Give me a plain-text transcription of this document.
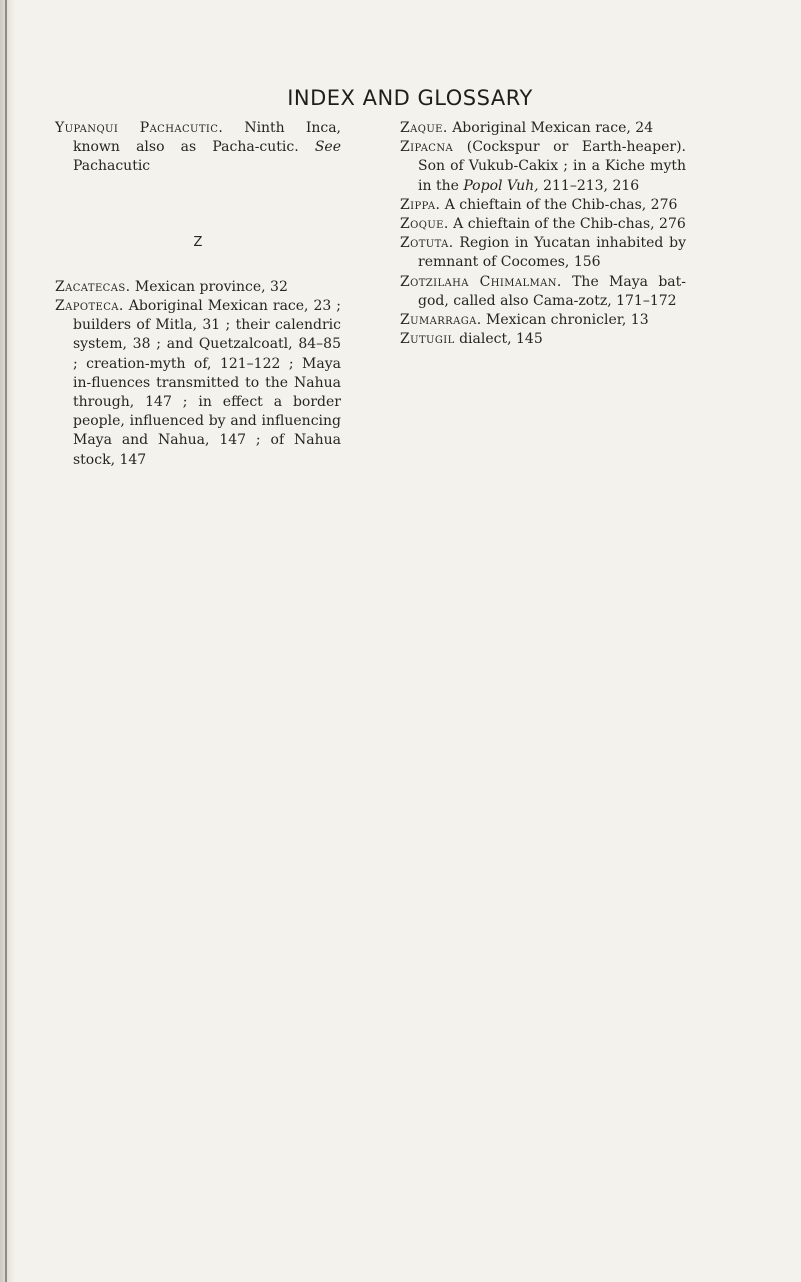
INDEX AND GLOSSARY

Yupanqui Pachacutic. Ninth Inca, known also as Pacha-cutic. See Pachacutic

Z

Zacatecas. Mexican province, 32

Zapoteca. Aboriginal Mexican race, 23 ; builders of Mitla, 31 ; their calendric system, 38 ; and Quetzalcoatl, 84–85 ; creation-myth of, 121–122 ; Maya in-fluences transmitted to the Nahua through, 147 ; in effect a border people, influenced by and influencing Maya and Nahua, 147 ; of Nahua stock, 147

Zaque. Aboriginal Mexican race, 24

Zipacna (Cockspur or Earth-heaper). Son of Vukub-Cakix ; in a Kiche myth in the Popol Vuh, 211–213, 216

Zippa. A chieftain of the Chib-chas, 276

Zoque. A chieftain of the Chib-chas, 276

Zotuta. Region in Yucatan inhabited by remnant of Cocomes, 156

Zotzilaha Chimalman. The Maya bat-god, called also Cama-zotz, 171–172

Zumarraga. Mexican chronicler, 13

Zutugil dialect, 145
